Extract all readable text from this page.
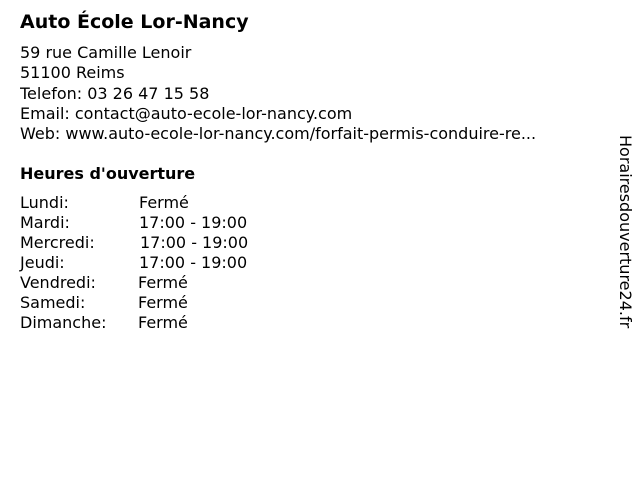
Auto École Lor-Nancy
59 rue Camille Lenoir
51100 Reims
Telefon: 03 26 47 15 58
Email: contact@auto-ecole-lor-nancy.com
Web: www.auto-ecole-lor-nancy.com/forfait-permis-conduire-re...
Heures d'ouverture
Lundi:	Fermé
Mardi:	17:00 - 19:00
Mercredi:	17:00 - 19:00
Jeudi:	17:00 - 19:00
Vendredi:	Fermé
Samedi:	Fermé
Dimanche:	Fermé	Horairesdouverture24.fr
